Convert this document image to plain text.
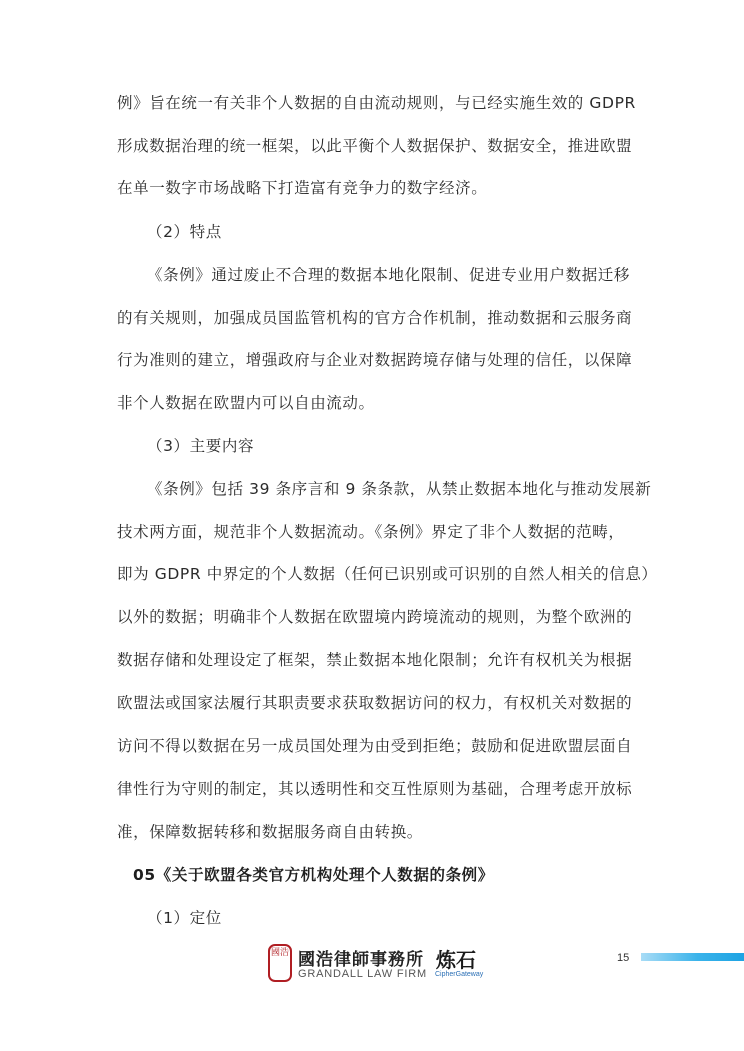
例》旨在统一有关非个人数据的自由流动规则，与已经实施生效的 GDPR

形成数据治理的统一框架，以此平衡个人数据保护、数据安全，推进欧盟

在单一数字市场战略下打造富有竞争力的数字经济。

（2）特点

《条例》通过废止不合理的数据本地化限制、促进专业用户数据迁移

的有关规则，加强成员国监管机构的官方合作机制，推动数据和云服务商

行为准则的建立，增强政府与企业对数据跨境存储与处理的信任，以保障

非个人数据在欧盟内可以自由流动。

（3）主要内容

《条例》包括 39 条序言和 9 条条款，从禁止数据本地化与推动发展新

技术两方面，规范非个人数据流动。《条例》界定了非个人数据的范畴，

即为 GDPR 中界定的个人数据（任何已识别或可识别的自然人相关的信息）

以外的数据；明确非个人数据在欧盟境内跨境流动的规则，为整个欧洲的

数据存储和处理设定了框架，禁止数据本地化限制；允许有权机关为根据

欧盟法或国家法履行其职责要求获取数据访问的权力，有权机关对数据的

访问不得以数据在另一成员国处理为由受到拒绝；鼓励和促进欧盟层面自

律性行为守则的制定，其以透明性和交互性原则为基础，合理考虑开放标

准，保障数据转移和数据服务商自由转换。

05《关于欧盟各类官方机构处理个人数据的条例》

（1）定位

國浩 國浩律師事務所
GRANDALL LAW FIRM
炼石
CipherGateway
15
